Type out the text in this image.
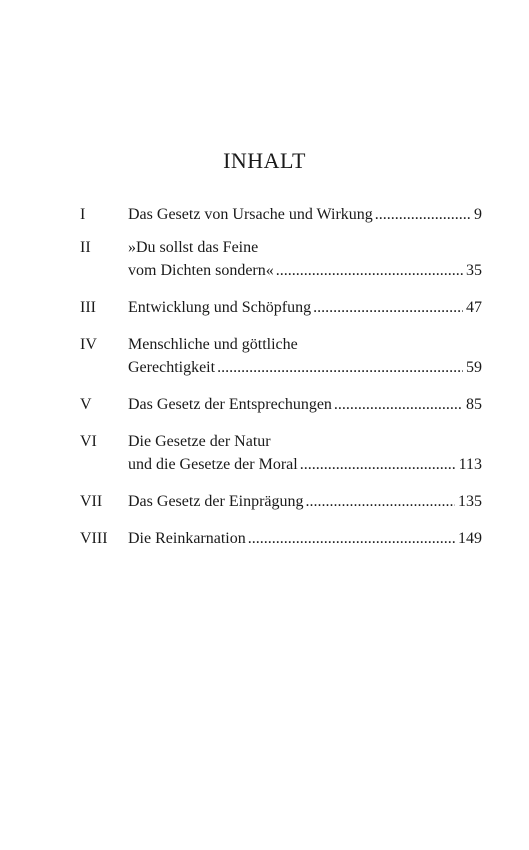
INHALT
I	Das Gesetz von Ursache und Wirkung .....	9
II	»Du sollst das Feine
vom Dichten sondern« .....	35
III	Entwicklung und Schöpfung .....	47
IV	Menschliche und göttliche
Gerechtigkeit .....	59
V	Das Gesetz der Entsprechungen .....	85
VI	Die Gesetze der Natur
und die Gesetze der Moral .....	113
VII	Das Gesetz der Einprägung .....	135
VIII	Die Reinkarnation .....	149
